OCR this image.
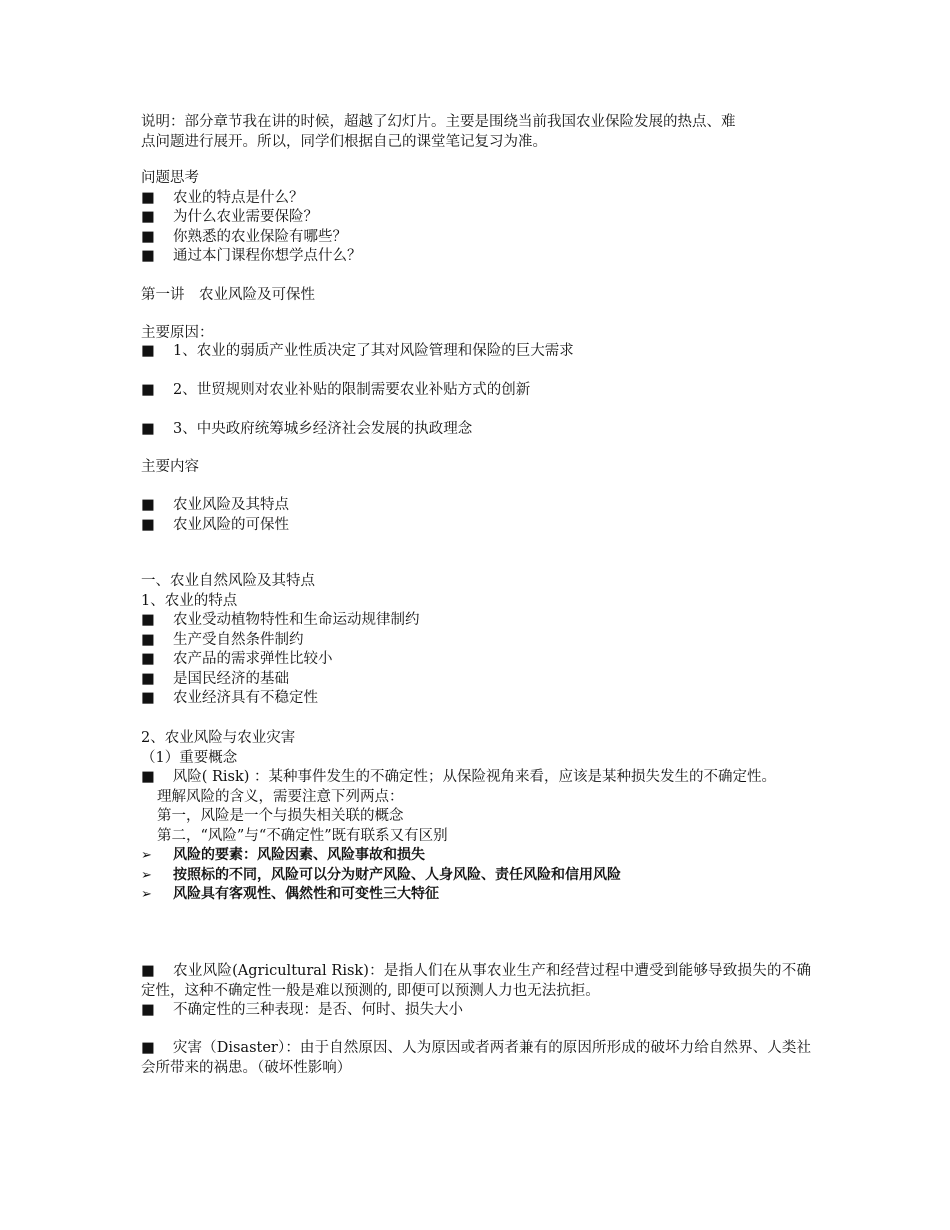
说明：部分章节我在讲的时候，超越了幻灯片。主要是围绕当前我国农业保险发展的热点、难
点问题进行展开。所以，同学们根据自己的课堂笔记复习为准。
问题思考
■ 农业的特点是什么？
■ 为什么农业需要保险？
■ 你熟悉的农业保险有哪些？
■ 通过本门课程你想学点什么？
第一讲　农业风险及可保性
主要原因：
■ 1、农业的弱质产业性质决定了其对风险管理和保险的巨大需求
■ 2、世贸规则对农业补贴的限制需要农业补贴方式的创新
■ 3、中央政府统筹城乡经济社会发展的执政理念
主要内容
■ 农业风险及其特点
■ 农业风险的可保性
一、农业自然风险及其特点
1、农业的特点
■ 农业受动植物特性和生命运动规律制约
■ 生产受自然条件制约
■ 农产品的需求弹性比较小
■ 是国民经济的基础
■ 农业经济具有不稳定性
2、农业风险与农业灾害
（1）重要概念
■ 风险( Risk) ：某种事件发生的不确定性；从保险视角来看，应该是某种损失发生的不确定性。
理解风险的含义，需要注意下列两点：
第一，风险是一个与损失相关联的概念
第二，“风险”与“不确定性”既有联系又有区别
➢ 风险的要素：风险因素、风险事故和损失
➢ 按照标的不同，风险可以分为财产风险、人身风险、责任风险和信用风险
➢ 风险具有客观性、偶然性和可变性三大特征
■ 农业风险(Agricultural Risk)：是指人们在从事农业生产和经营过程中遭受到能够导致损失的不确定性，这种不确定性一般是难以预测的, 即便可以预测人力也无法抗拒。
■ 不确定性的三种表现：是否、何时、损失大小
■ 灾害（Disaster）：由于自然原因、人为原因或者两者兼有的原因所形成的破坏力给自然界、人类社会所带来的祸患。（破坏性影响）
